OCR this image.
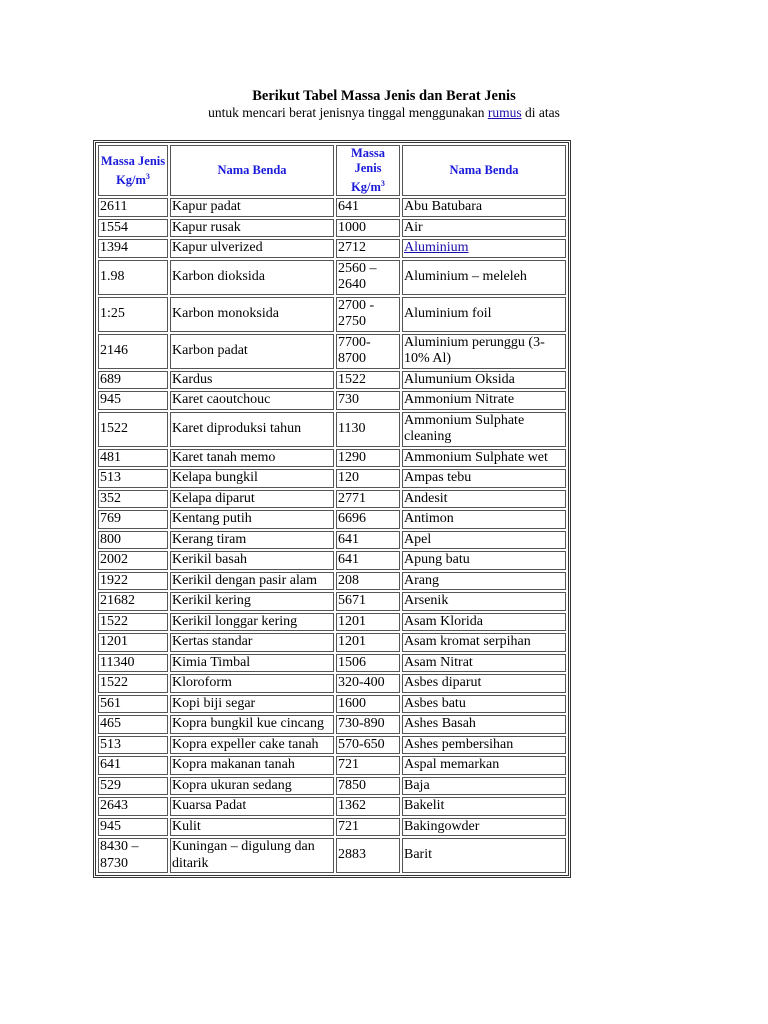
Berikut Tabel Massa Jenis dan Berat Jenis
untuk mencari berat jenisnya tinggal menggunakan rumus di atas
Massa Jenis $Kg/m^3$	Nama Benda	Massa Jenis $Kg/m^3$	Nama Benda
2611	Kapur padat	641	Abu Batubara
1554	Kapur rusak	1000	Air
1394	Kapur ulverized	2712	Aluminium
1.98	Karbon dioksida	2560 – 2640	Aluminium – meleleh
1:25	Karbon monoksida	2700 - 2750	Aluminium foil
2146	Karbon padat	7700-8700	Aluminium perunggu (3-10% Al)
689	Kardus	1522	Alumunium Oksida
945	Karet caoutchouc	730	Ammonium Nitrate
1522	Karet diproduksi tahun	1130	Ammonium Sulphate cleaning
481	Karet tanah memo	1290	Ammonium Sulphate wet
513	Kelapa bungkil	120	Ampas tebu
352	Kelapa diparut	2771	Andesit
769	Kentang putih	6696	Antimon
800	Kerang tiram	641	Apel
2002	Kerikil basah	641	Apung batu
1922	Kerikil dengan pasir alam	208	Arang
21682	Kerikil kering	5671	Arsenik
1522	Kerikil longgar kering	1201	Asam Klorida
1201	Kertas standar	1201	Asam kromat serpihan
11340	Kimia Timbal	1506	Asam Nitrat
1522	Kloroform	320-400	Asbes diparut
561	Kopi biji segar	1600	Asbes batu
465	Kopra bungkil kue cincang	730-890	Ashes Basah
513	Kopra expeller cake tanah	570-650	Ashes pembersihan
641	Kopra makanan tanah	721	Aspal memarkan
529	Kopra ukuran sedang	7850	Baja
2643	Kuarsa Padat	1362	Bakelit
945	Kulit	721	Bakingowder
8430 – 8730	Kuningan – digulung dan ditarik	2883	Barit
